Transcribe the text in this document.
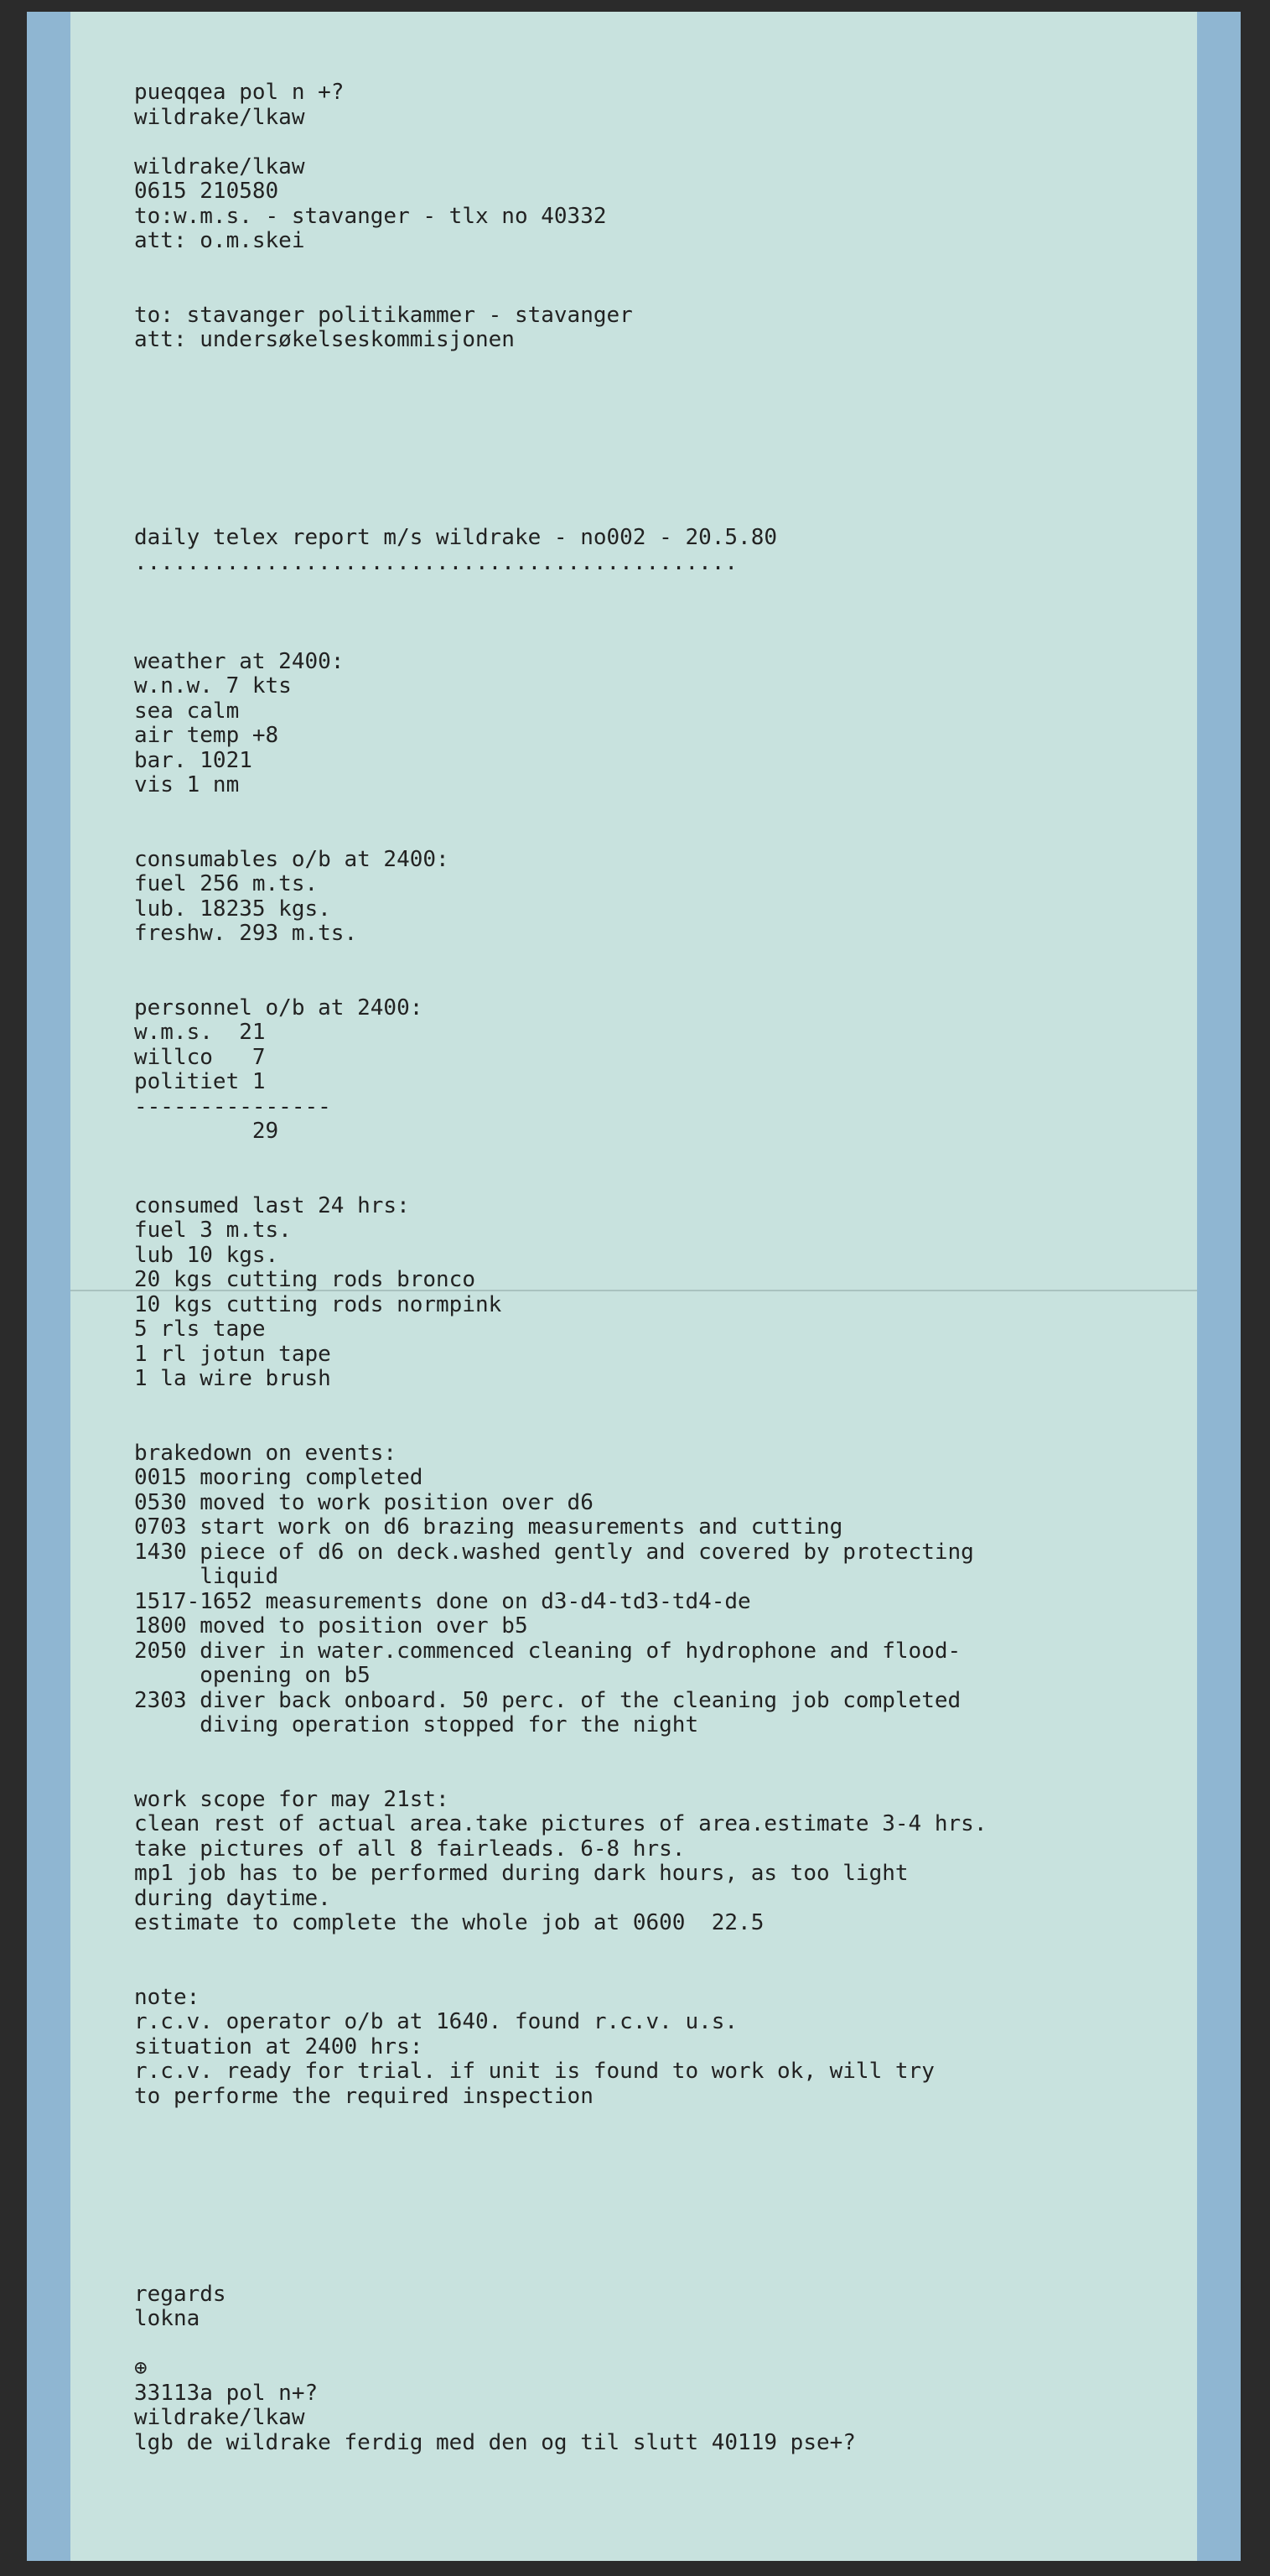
pueqqea pol n +?
wildrake/lkaw
wildrake/lkaw
0615 210580
to:w.m.s. - stavanger - tlx no 40332
att: o.m.skei
to: stavanger politikammer - stavanger
att: undersøkelseskommisjonen
daily telex report m/s wildrake - no002 - 20.5.80
..............................................
weather at 2400:
w.n.w. 7 kts
sea calm
air temp +8
bar. 1021
vis 1 nm
consumables o/b at 2400:
fuel 256 m.ts.
lub. 18235 kgs.
freshw. 293 m.ts.
personnel o/b at 2400:
w.m.s.  21
willco   7
politiet 1
---------------
29
consumed last 24 hrs:
fuel 3 m.ts.
lub 10 kgs.
20 kgs cutting rods bronco
10 kgs cutting rods normpink
5 rls tape
1 rl jotun tape
1 la wire brush
brakedown on events:
0015 mooring completed
0530 moved to work position over d6
0703 start work on d6 brazing measurements and cutting
1430 piece of d6 on deck.washed gently and covered by protecting
liquid
1517-1652 measurements done on d3-d4-td3-td4-de
1800 moved to position over b5
2050 diver in water.commenced cleaning of hydrophone and flood-
opening on b5
2303 diver back onboard. 50 perc. of the cleaning job completed
diving operation stopped for the night
work scope for may 21st:
clean rest of actual area.take pictures of area.estimate 3-4 hrs.
take pictures of all 8 fairleads. 6-8 hrs.
mp1 job has to be performed during dark hours, as too light
during daytime.
estimate to complete the whole job at 0600  22.5
note:
r.c.v. operator o/b at 1640. found r.c.v. u.s.
situation at 2400 hrs:
r.c.v. ready for trial. if unit is found to work ok, will try
to performe the required inspection
regards
lokna
⊕
33113a pol n+?
wildrake/lkaw
lgb de wildrake ferdig med den og til slutt 40119 pse+?
